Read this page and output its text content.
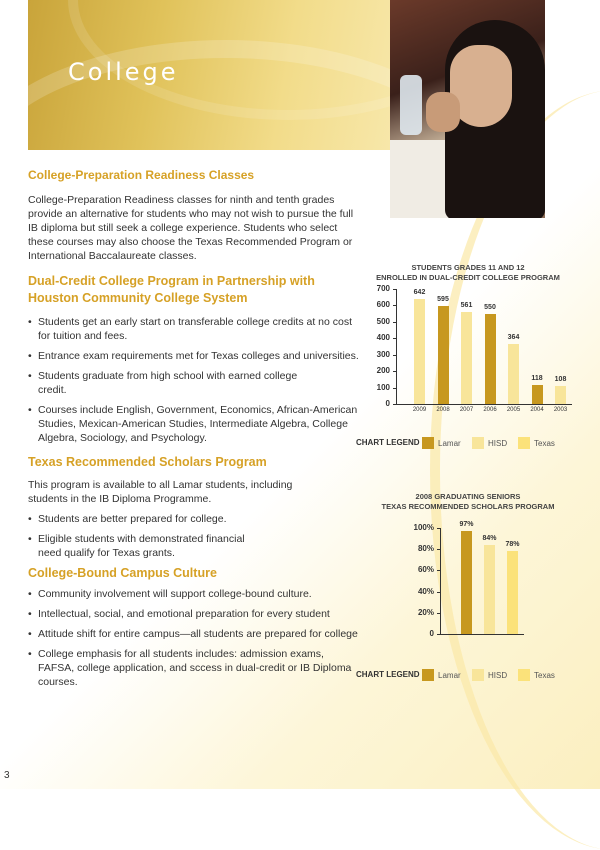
College
College-Preparation Readiness Classes

College-Preparation Readiness classes for ninth and tenth grades provide an alternative for students who may not wish to pursue the full IB diploma but still seek a college experience. Students who select these courses may also choose the Texas Recommended Program or International Baccalaureate classes.

Dual-Credit College Program in Partnership with Houston Community College System
• Students get an early start on transferable college credits at no cost for tuition and fees.
• Entrance exam requirements met for Texas colleges and universities.
• Students graduate from high school with earned college credit.
• Courses include English, Government, Economics, African-American Studies, Mexican-American Studies, Intermediate Algebra, College Algebra, Sociology, and Psychology.
Texas Recommended Scholars Program

This program is available to all Lamar students, including students in the IB Diploma Programme.

• Students are better prepared for college.
• Eligible students with demonstrated financial need qualify for Texas grants.
College-Bound Campus Culture
• Community involvement will support college-bound culture.
• Intellectual, social, and emotional preparation for every student
• Attitude shift for entire campus—all students are prepared for college
• College emphasis for all students includes: admission exams, FAFSA, college application, and sccess in dual-credit or IB Diploma courses.
STUDENTS GRADES 11 AND 12
ENROLLED IN DUAL-CREDIT COLLEGE PROGRAM
0
100
200
300
400
500
600
700	642
2009
595
2008
561
2007
550
2006
364
2005
118
2004
108
2003
2008 GRADUATING SENIORS
TEXAS RECOMMENDED SCHOLARS PROGRAM
0
20%
40%
60%
80%
100%	97%
84%
78%
CHART LEGEND Lamar	HISD	Texas
CHART LEGEND Lamar	HISD	Texas
3
